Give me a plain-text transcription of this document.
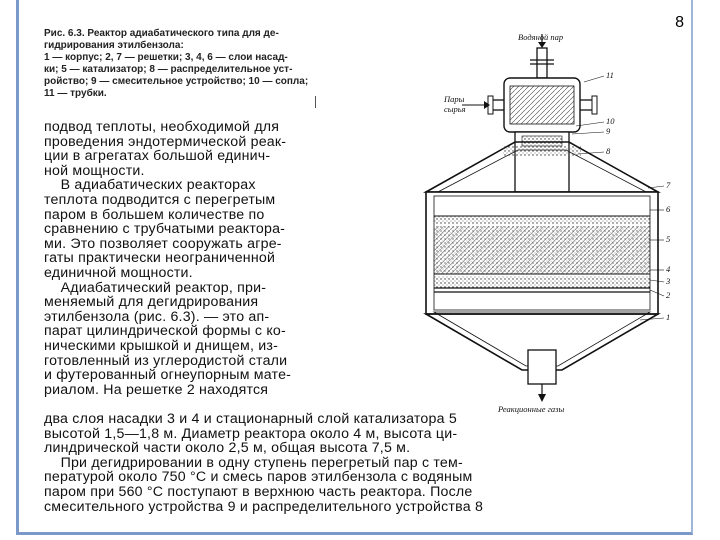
8
Рис. 6.3. Реактор адиабатического типа для де-
гидрирования этилбензола:
1 — корпус; 2, 7 — решетки; 3, 4, 6 — слои насад-
ки; 5 — катализатор; 8 — распределительное уст-
ройство; 9 — смесительное устройство; 10 — сопла;
11 — трубки.
подвод теплоты, необходимой для
проведения эндотермической реак-
ции в агрегатах большой единич-
ной мощности.
В адиабатических реакторах
теплота подводится с перегретым
паром в большем количестве по
сравнению с трубчатыми реактора-
ми. Это позволяет сооружать агре-
гаты практически неограниченной
единичной мощности.
Адиабатический реактор, при-
меняемый для дегидрирования
этилбензола (рис. 6.3). — это ап-
парат цилиндрической формы с ко-
ническими крышкой и днищем, из-
готовленный из углеродистой стали
и футерованный огнеупорным мате-
риалом. На решетке 2 находятся
два слоя насадки 3 и 4 и стационарный слой катализатора 5
высотой 1,5—1,8 м. Диаметр реактора около 4 м, высота ци-
линдрической части около 2,5 м, общая высота 7,5 м.
При дегидрировании в одну ступень перегретый пар с тем-
пературой около 750 °C и смесь паров этилбензола с водяным
паром при 560 °C поступают в верхнюю часть реактора. После
смесительного устройства 9 и распределительного устройства 8
Водяной пар
Пары
сырья
Реакционные газы
11
10
9
8
7
6
5
4
3
2
1
